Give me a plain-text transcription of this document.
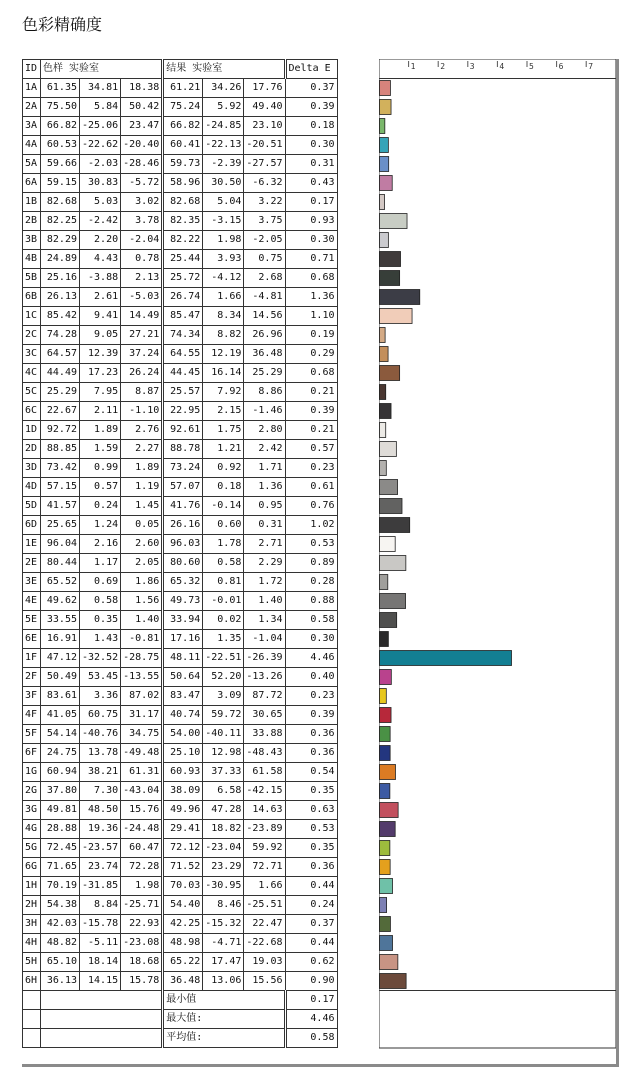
色彩精确度
ID	色样 实验室			结果 实验室			Delta E
1A	61.35	34.81	18.38	61.21	34.26	17.76	0.37
2A	75.50	5.84	50.42	75.24	5.92	49.40	0.39
3A	66.82	-25.06	23.47	66.82	-24.85	23.10	0.18
4A	60.53	-22.62	-20.40	60.41	-22.13	-20.51	0.30
5A	59.66	-2.03	-28.46	59.73	-2.39	-27.57	0.31
6A	59.15	30.83	-5.72	58.96	30.50	-6.32	0.43
1B	82.68	5.03	3.02	82.68	5.04	3.22	0.17
2B	82.25	-2.42	3.78	82.35	-3.15	3.75	0.93
3B	82.29	2.20	-2.04	82.22	1.98	-2.05	0.30
4B	24.89	4.43	0.78	25.44	3.93	0.75	0.71
5B	25.16	-3.88	2.13	25.72	-4.12	2.68	0.68
6B	26.13	2.61	-5.03	26.74	1.66	-4.81	1.36
1C	85.42	9.41	14.49	85.47	8.34	14.56	1.10
2C	74.28	9.05	27.21	74.34	8.82	26.96	0.19
3C	64.57	12.39	37.24	64.55	12.19	36.48	0.29
4C	44.49	17.23	26.24	44.45	16.14	25.29	0.68
5C	25.29	7.95	8.87	25.57	7.92	8.86	0.21
6C	22.67	2.11	-1.10	22.95	2.15	-1.46	0.39
1D	92.72	1.89	2.76	92.61	1.75	2.80	0.21
2D	88.85	1.59	2.27	88.78	1.21	2.42	0.57
3D	73.42	0.99	1.89	73.24	0.92	1.71	0.23
4D	57.15	0.57	1.19	57.07	0.18	1.36	0.61
5D	41.57	0.24	1.45	41.76	-0.14	0.95	0.76
6D	25.65	1.24	0.05	26.16	0.60	0.31	1.02
1E	96.04	2.16	2.60	96.03	1.78	2.71	0.53
2E	80.44	1.17	2.05	80.60	0.58	2.29	0.89
3E	65.52	0.69	1.86	65.32	0.81	1.72	0.28
4E	49.62	0.58	1.56	49.73	-0.01	1.40	0.88
5E	33.55	0.35	1.40	33.94	0.02	1.34	0.58
6E	16.91	1.43	-0.81	17.16	1.35	-1.04	0.30
1F	47.12	-32.52	-28.75	48.11	-22.51	-26.39	4.46
2F	50.49	53.45	-13.55	50.64	52.20	-13.26	0.40
3F	83.61	3.36	87.02	83.47	3.09	87.72	0.23
4F	41.05	60.75	31.17	40.74	59.72	30.65	0.39
5F	54.14	-40.76	34.75	54.00	-40.11	33.88	0.36
6F	24.75	13.78	-49.48	25.10	12.98	-48.43	0.36
1G	60.94	38.21	61.31	60.93	37.33	61.58	0.54
2G	37.80	7.30	-43.04	38.09	6.58	-42.15	0.35
3G	49.81	48.50	15.76	49.96	47.28	14.63	0.63
4G	28.88	19.36	-24.48	29.41	18.82	-23.89	0.53
5G	72.45	-23.57	60.47	72.12	-23.04	59.92	0.35
6G	71.65	23.74	72.28	71.52	23.29	72.71	0.36
1H	70.19	-31.85	1.98	70.03	-30.95	1.66	0.44
2H	54.38	8.84	-25.71	54.40	8.46	-25.51	0.24
3H	42.03	-15.78	22.93	42.25	-15.32	22.47	0.37
4H	48.82	-5.11	-23.08	48.98	-4.71	-22.68	0.44
5H	65.10	18.14	18.68	65.22	17.47	19.03	0.62
6H	36.13	14.15	15.78	36.48	13.06	15.56	0.90
				最小值			0.17
				最大值:			4.46
				平均值:			0.58
1	2	3	4	5	6	7
